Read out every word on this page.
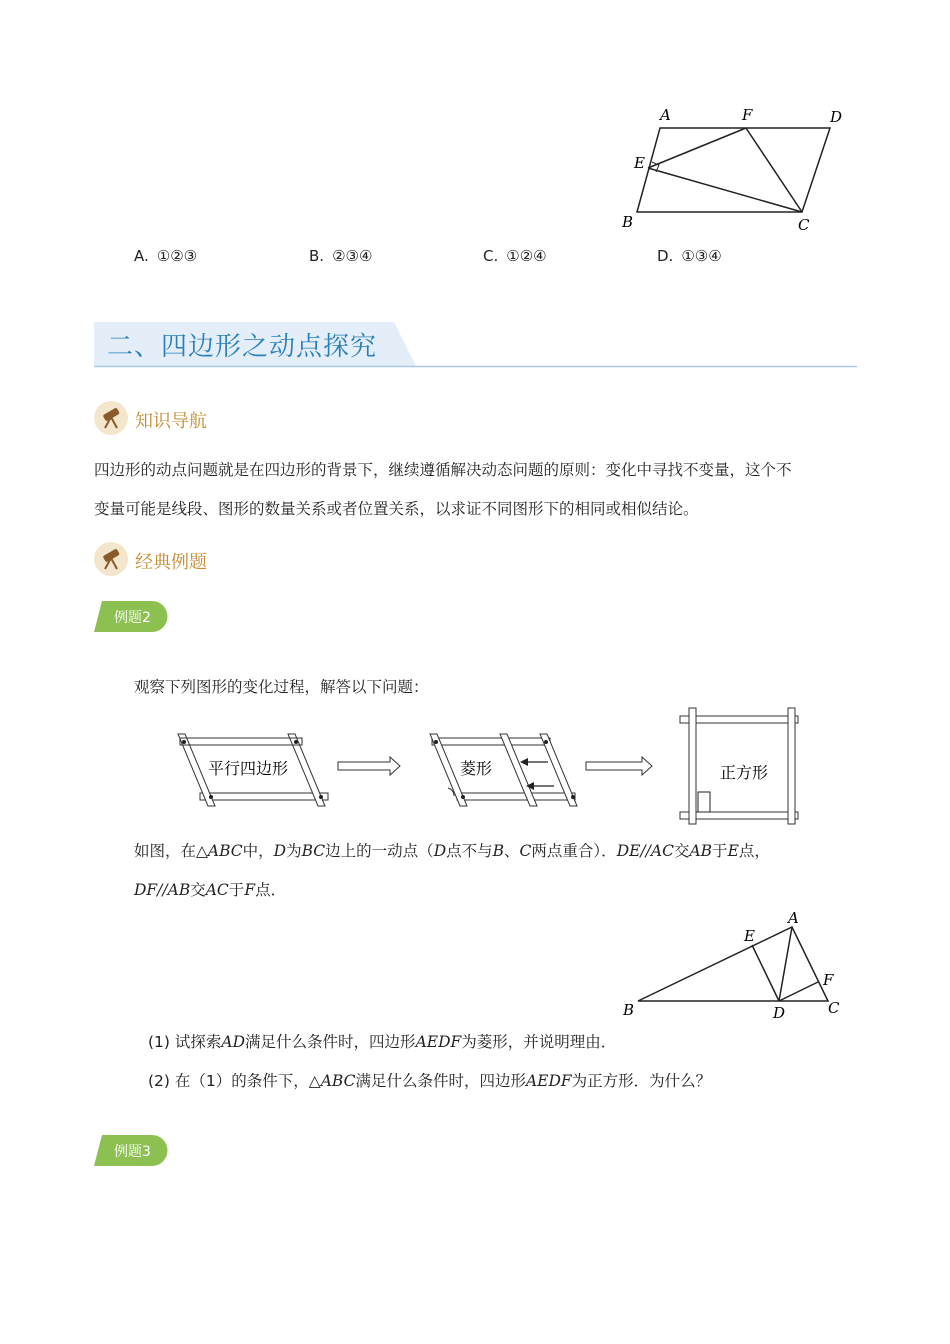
A	F	D
E
B	C
A. ①②③	B. ②③④	C. ①②④	D. ①③④
二、四边形之动点探究
知识导航
四边形的动点问题就是在四边形的背景下，继续遵循解决动态问题的原则：变化中寻找不变量，这个不
变量可能是线段、图形的数量关系或者位置关系，以求证不同图形下的相同或相似结论。
经典例题
例题2
观察下列图形的变化过程，解答以下问题：
平行四边形	菱形	正方形
如图，在△ABC中，D为BC边上的一动点（D点不与B、C两点重合）．DE//AC交AB于E点，
DF//AB交AC于F点．
A
E
F
B	D	C
(1) 试探索AD满足什么条件时，四边形AEDF为菱形，并说明理由．
(2) 在（1）的条件下，△ABC满足什么条件时，四边形AEDF为正方形．为什么？
例题3
